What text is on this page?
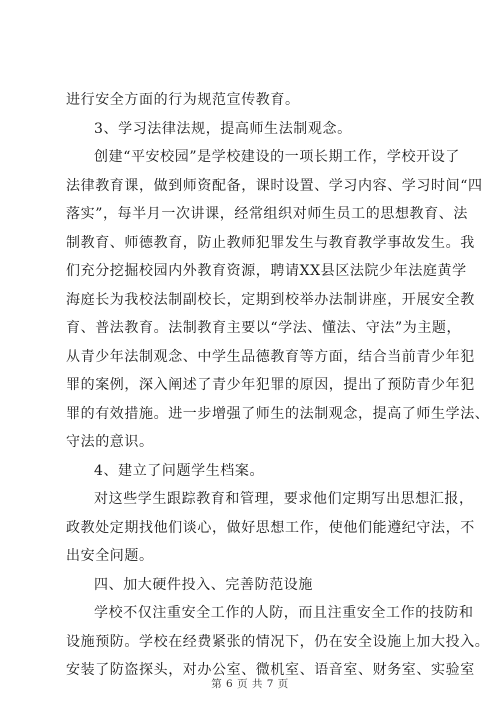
进行安全方面的行为规范宣传教育。
3、学习法律法规，提高师生法制观念。
创建“平安校园”是学校建设的一项长期工作，学校开设了
法律教育课，做到师资配备，课时设置、学习内容、学习时间“四
落实”，每半月一次讲课，经常组织对师生员工的思想教育、法
制教育、师德教育，防止教师犯罪发生与教育教学事故发生。我
们充分挖掘校园内外教育资源，聘请XX县区法院少年法庭黄学
海庭长为我校法制副校长，定期到校举办法制讲座，开展安全教
育、普法教育。法制教育主要以“学法、懂法、守法”为主题，
从青少年法制观念、中学生品德教育等方面，结合当前青少年犯
罪的案例，深入阐述了青少年犯罪的原因，提出了预防青少年犯
罪的有效措施。进一步增强了师生的法制观念，提高了师生学法、
守法的意识。
4、建立了问题学生档案。
对这些学生跟踪教育和管理，要求他们定期写出思想汇报，
政教处定期找他们谈心，做好思想工作，使他们能遵纪守法，不
出安全问题。
四、加大硬件投入、完善防范设施
学校不仅注重安全工作的人防，而且注重安全工作的技防和
设施预防。学校在经费紧张的情况下，仍在安全设施上加大投入。
安装了防盗探头，对办公室、微机室、语音室、财务室、实验室
第 6 页 共 7 页
